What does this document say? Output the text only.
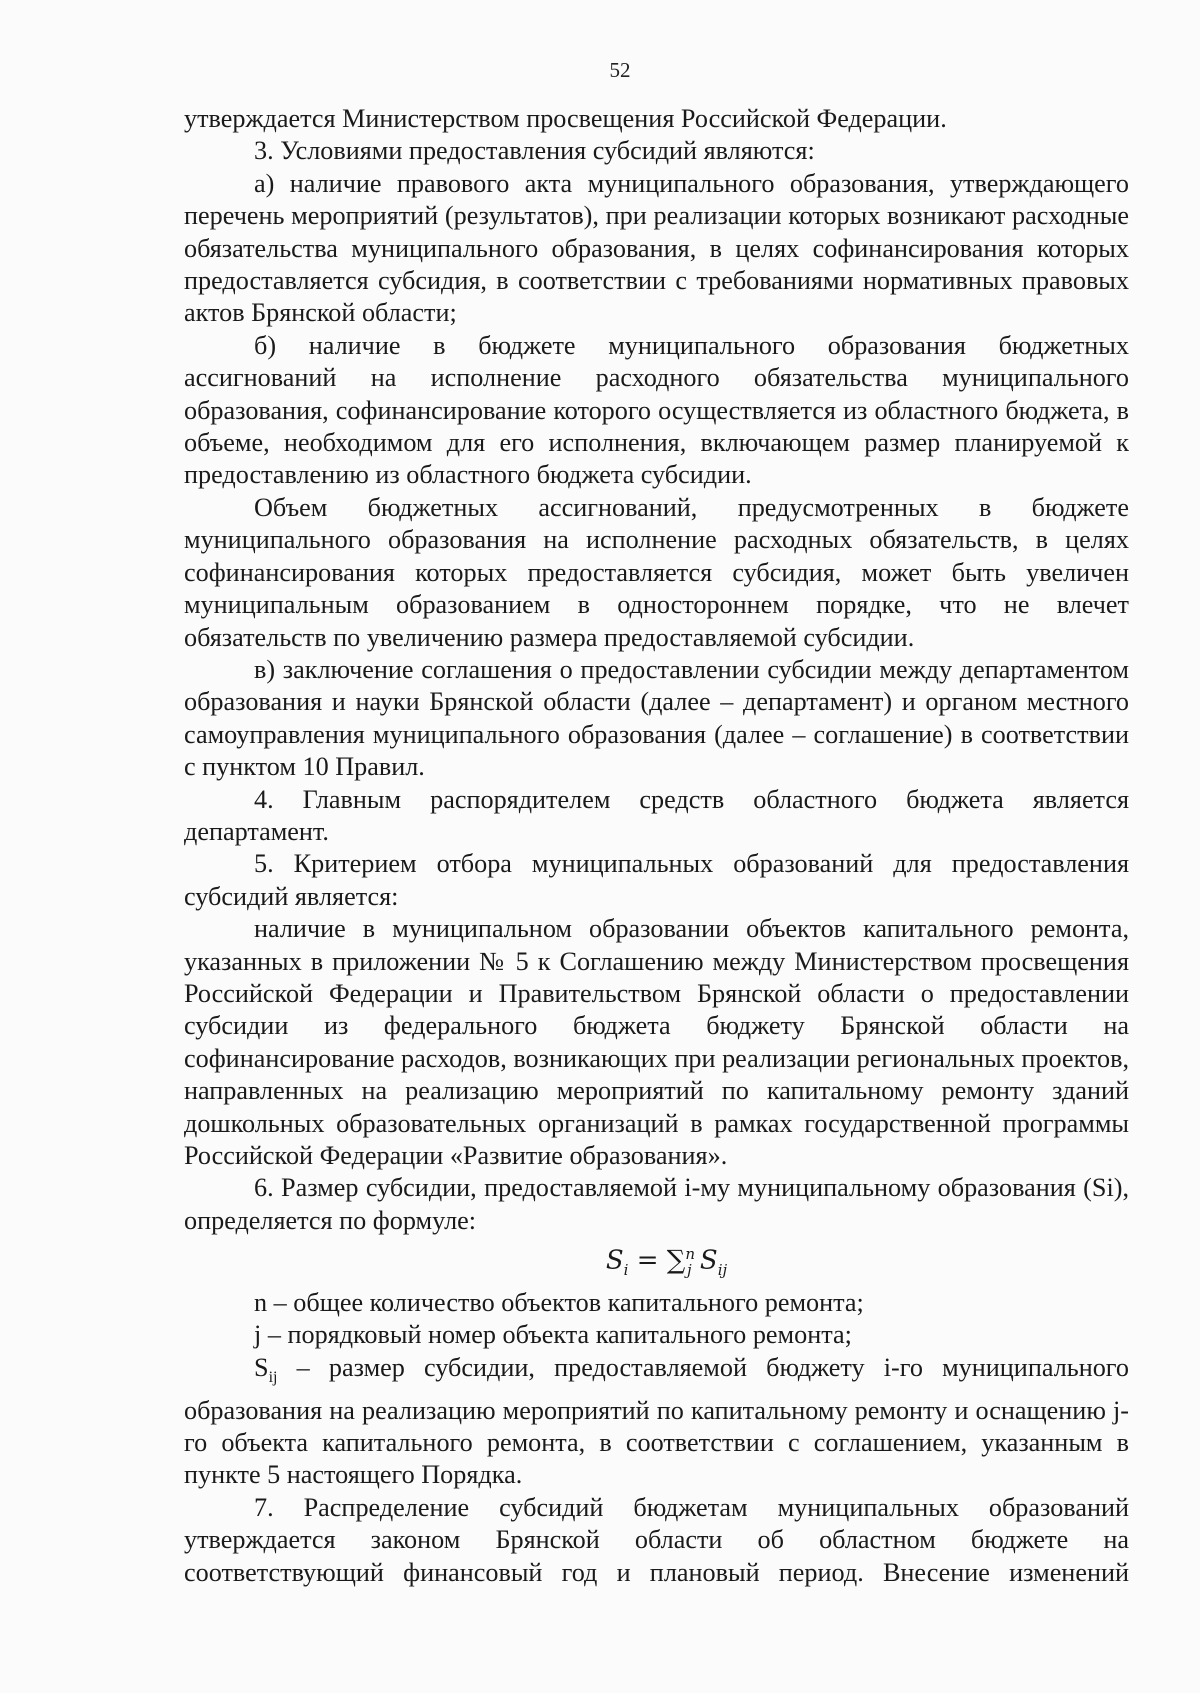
52

утверждается Министерством просвещения Российской Федерации.

3. Условиями предоставления субсидий являются:

а) наличие правового акта муниципального образования, утверждающего перечень мероприятий (результатов), при реализации которых возникают расходные обязательства муниципального образования, в целях софинансирования которых предоставляется субсидия, в соответствии с требованиями нормативных правовых актов Брянской области;

б) наличие в бюджете муниципального образования бюджетных ассигнований на исполнение расходного обязательства муниципального образования, софинансирование которого осуществляется из областного бюджета, в объеме, необходимом для его исполнения, включающем размер планируемой к предоставлению из областного бюджета субсидии.

Объем бюджетных ассигнований, предусмотренных в бюджете муниципального образования на исполнение расходных обязательств, в целях софинансирования которых предоставляется субсидия, может быть увеличен муниципальным образованием в одностороннем порядке, что не влечет обязательств по увеличению размера предоставляемой субсидии.

в) заключение соглашения о предоставлении субсидии между департаментом образования и науки Брянской области (далее – департамент) и органом местного самоуправления муниципального образования (далее – соглашение) в соответствии с пунктом 10 Правил.

4. Главным распорядителем средств областного бюджета является департамент.

5. Критерием отбора муниципальных образований для предоставления субсидий является:

наличие в муниципальном образовании объектов капитального ремонта, указанных в приложении № 5 к Соглашению между Министерством просвещения Российской Федерации и Правительством Брянской области о предоставлении субсидии из федерального бюджета бюджету Брянской области на софинансирование расходов, возникающих при реализации региональных проектов, направленных на реализацию мероприятий по капитальному ремонту зданий дошкольных образовательных организаций в рамках государственной программы Российской Федерации «Развитие образования».

6. Размер субсидии, предоставляемой i-му муниципальному образования (Si), определяется по формуле:

$S_i = \sum^n_j$ $S_{ij}$

n – общее количество объектов капитального ремонта;

j – порядковый номер объекта капитального ремонта;

$S_{ij}$ – размер субсидии, предоставляемой бюджету i-го муниципального образования на реализацию мероприятий по капитальному ремонту и оснащению j-го объекта капитального ремонта, в соответствии с соглашением, указанным в пункте 5 настоящего Порядка.

7. Распределение субсидий бюджетам муниципальных образований утверждается законом Брянской области об областном бюджете на соответствующий финансовый год и плановый период. Внесение изменений
